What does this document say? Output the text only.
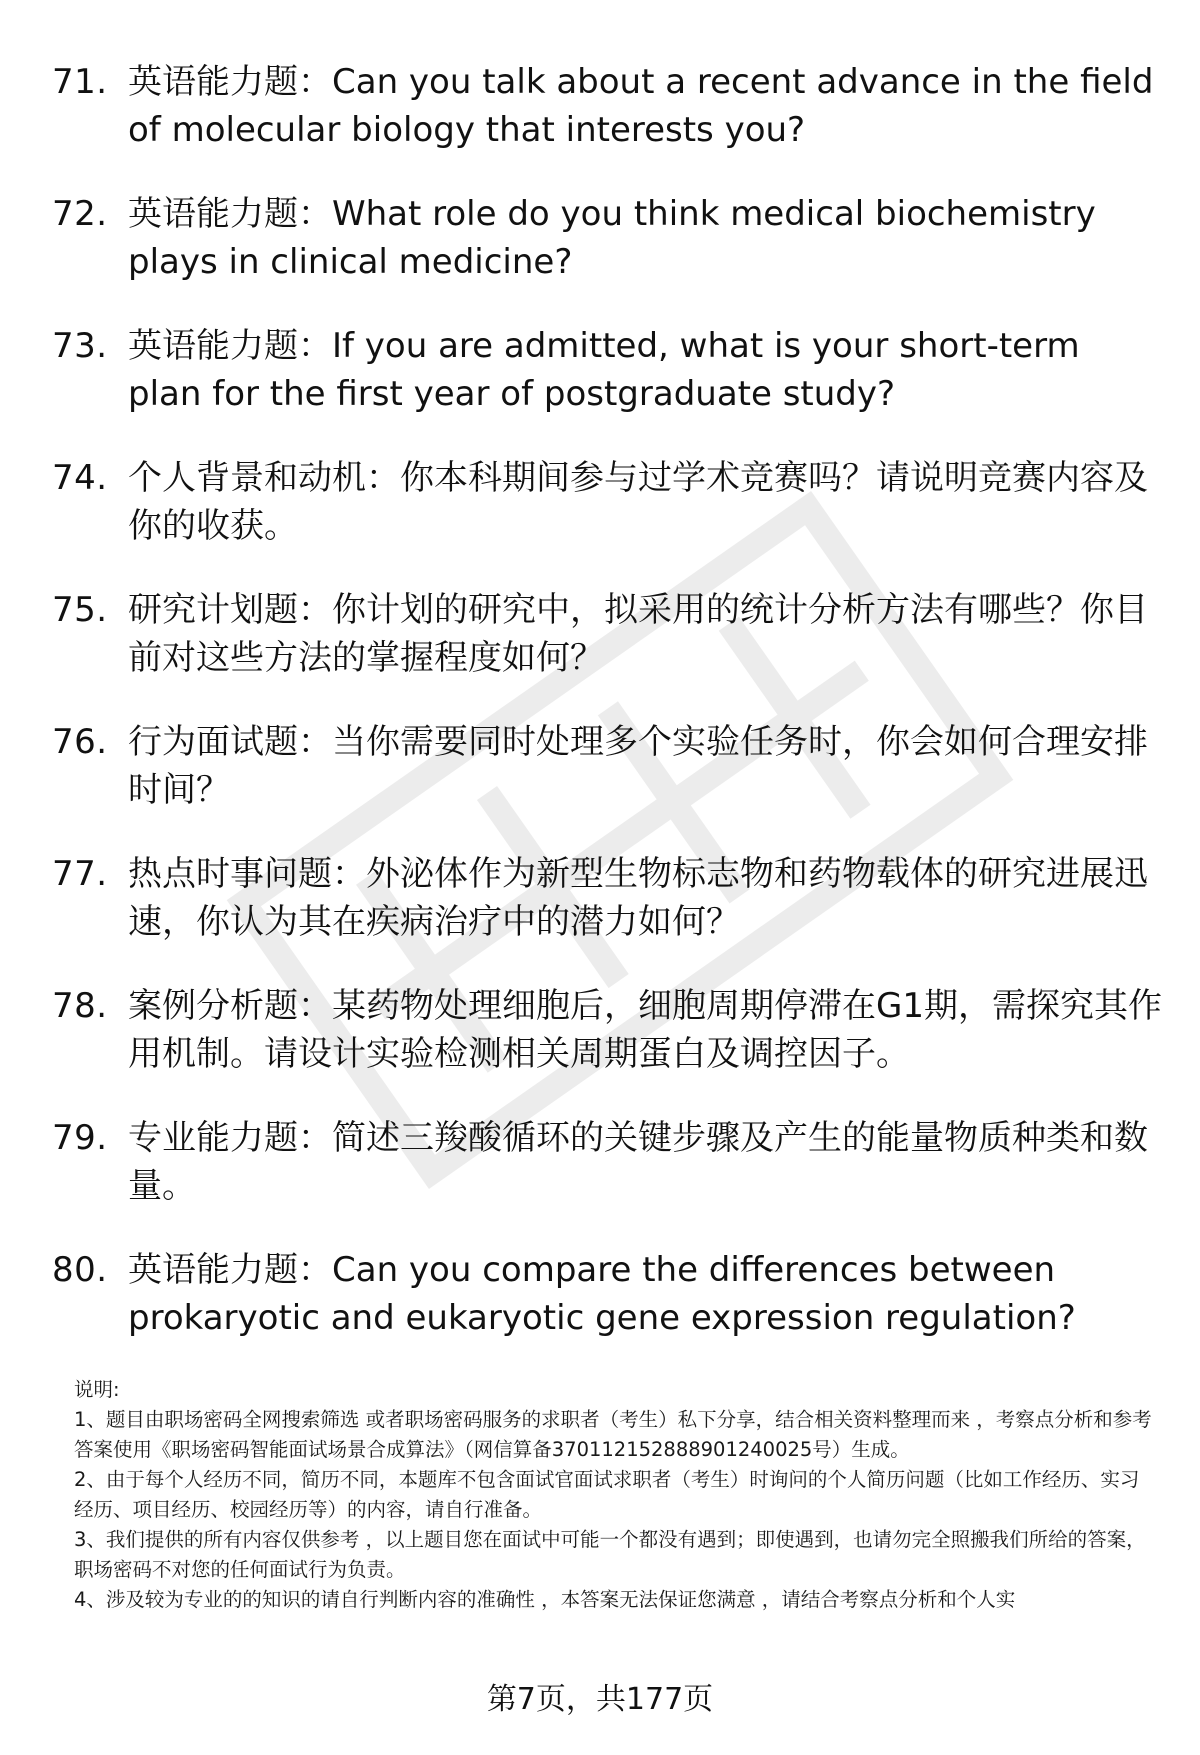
71. 英语能力题：Can you talk about a recent advance in the field of molecular biology that interests you?
72. 英语能力题：What role do you think medical biochemistry plays in clinical medicine?
73. 英语能力题：If you are admitted, what is your short-term plan for the first year of postgraduate study?
74. 个人背景和动机：你本科期间参与过学术竞赛吗？请说明竞赛内容及你的收获。
75. 研究计划题：你计划的研究中，拟采用的统计分析方法有哪些？你目前对这些方法的掌握程度如何？
76. 行为面试题：当你需要同时处理多个实验任务时，你会如何合理安排时间？
77. 热点时事问题：外泌体作为新型生物标志物和药物载体的研究进展迅速，你认为其在疾病治疗中的潜力如何？
78. 案例分析题：某药物处理细胞后，细胞周期停滞在G1期，需探究其作用机制。请设计实验检测相关周期蛋白及调控因子。
79. 专业能力题：简述三羧酸循环的关键步骤及产生的能量物质种类和数量。
80. 英语能力题：Can you compare the differences between prokaryotic and eukaryotic gene expression regulation?

说明:

1、题目由职场密码全网搜索筛选 或者职场密码服务的求职者（考生）私下分享，结合相关资料整理而来 ，考察点分析和参考答案使用《职场密码智能面试场景合成算法》（网信算备370112152888901240025号）生成。

2、由于每个人经历不同，简历不同，本题库不包含面试官面试求职者（考生）时询问的个人简历问题（比如工作经历、实习经历、项目经历、校园经历等）的内容，请自行准备。

3、我们提供的所有内容仅供参考 ，以上题目您在面试中可能一个都没有遇到；即使遇到，也请勿完全照搬我们所给的答案，职场密码不对您的任何面试行为负责。

4、涉及较为专业的的知识的请自行判断内容的准确性 ，本答案无法保证您满意 ，请结合考察点分析和个人实

第7页，共177页
